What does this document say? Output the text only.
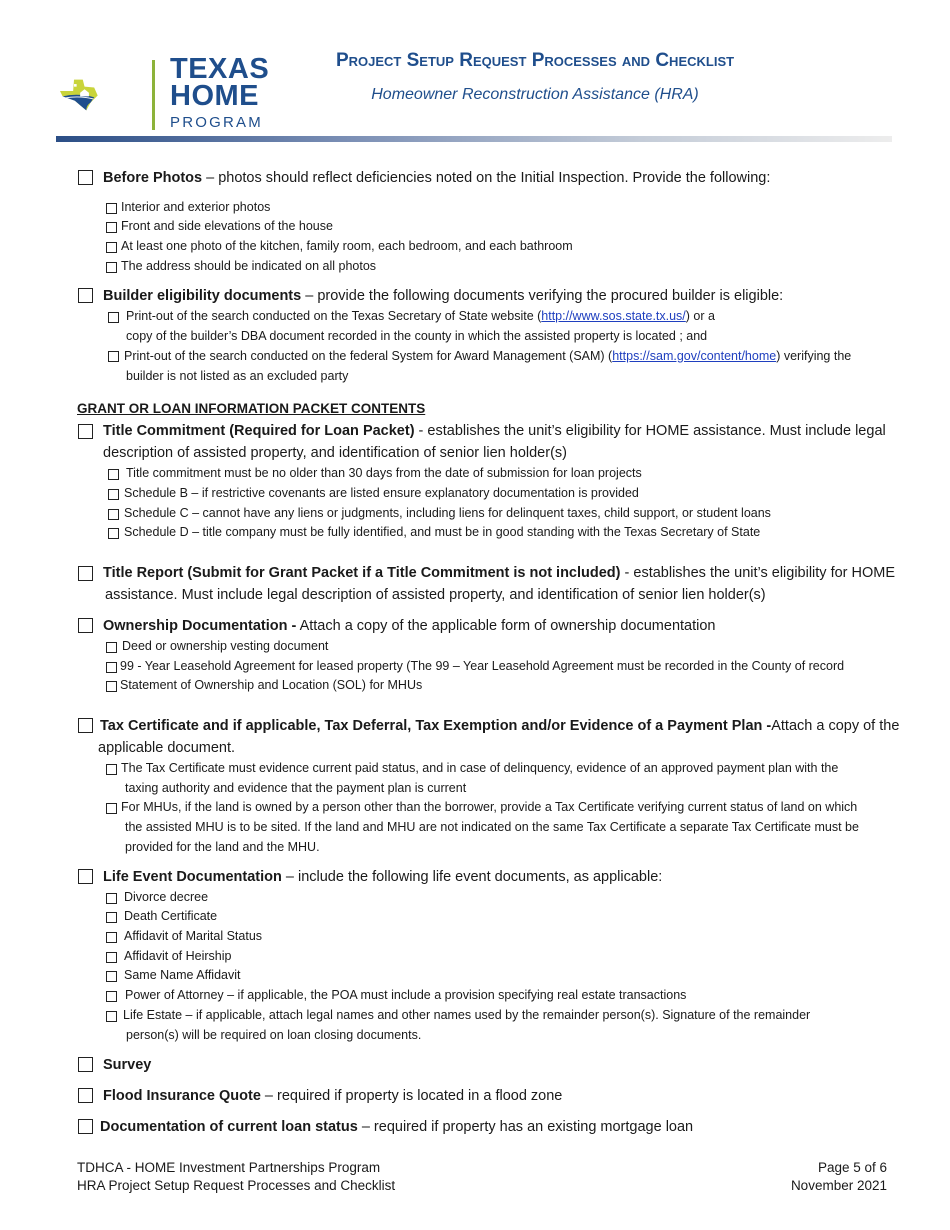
TEXAS
HOME
PROGRAM
Project Setup Request Processes and Checklist
Homeowner Reconstruction Assistance (HRA)
Before Photos – photos should reflect deficiencies noted on the Initial Inspection. Provide the following:
Interior and exterior photos
Front and side elevations of the house
At least one photo of the kitchen, family room, each bedroom, and each bathroom
The address should be indicated on all photos
Builder eligibility documents – provide the following documents verifying the procured builder is eligible:
Print-out of the search conducted on the Texas Secretary of State website (http://www.sos.state.tx.us/) or a
copy of the builder’s DBA document recorded in the county in which the assisted property is located ; and
Print-out of the search conducted on the federal System for Award Management (SAM) (https://sam.gov/content/home) verifying the
builder is not listed as an excluded party
GRANT OR LOAN INFORMATION PACKET CONTENTS
Title Commitment (Required for Loan Packet) - establishes the unit’s eligibility for HOME assistance. Must include legal
description of assisted property, and identification of senior lien holder(s)
Title commitment must be no older than 30 days from the date of submission for loan projects
Schedule B – if restrictive covenants are listed ensure explanatory documentation is provided
Schedule C – cannot have any liens or judgments, including liens for delinquent taxes, child support, or student loans
Schedule D – title company must be fully identified, and must be in good standing with the Texas Secretary of State
Title Report (Submit for Grant Packet if a Title Commitment is not included) - establishes the unit’s eligibility for HOME
assistance. Must include legal description of assisted property, and identification of senior lien holder(s)
Ownership Documentation - Attach a copy of the applicable form of ownership documentation
Deed or ownership vesting document
99 - Year Leasehold Agreement for leased property (The 99 – Year Leasehold Agreement must be recorded in the County of record
Statement of Ownership and Location (SOL) for MHUs
Tax Certificate and if applicable, Tax Deferral, Tax Exemption and/or Evidence of a Payment Plan -Attach a copy of the
applicable document.
The Tax Certificate must evidence current paid status, and in case of delinquency, evidence of an approved payment plan with the
taxing authority and evidence that the payment plan is current
For MHUs, if the land is owned by a person other than the borrower, provide a Tax Certificate verifying current status of land on which
the assisted MHU is to be sited. If the land and MHU are not indicated on the same Tax Certificate a separate Tax Certificate must be
provided for the land and the MHU.
Life Event Documentation – include the following life event documents, as applicable:
Divorce decree
Death Certificate
Affidavit of Marital Status
Affidavit of Heirship
Same Name Affidavit
Power of Attorney – if applicable, the POA must include a provision specifying real estate transactions
Life Estate – if applicable, attach legal names and other names used by the remainder person(s). Signature of the remainder
person(s) will be required on loan closing documents.
Survey
Flood Insurance Quote – required if property is located in a flood zone
Documentation of current loan status – required if property has an existing mortgage loan
TDHCA - HOME Investment Partnerships Program
HRA Project Setup Request Processes and Checklist
Page 5 of 6
November 2021
